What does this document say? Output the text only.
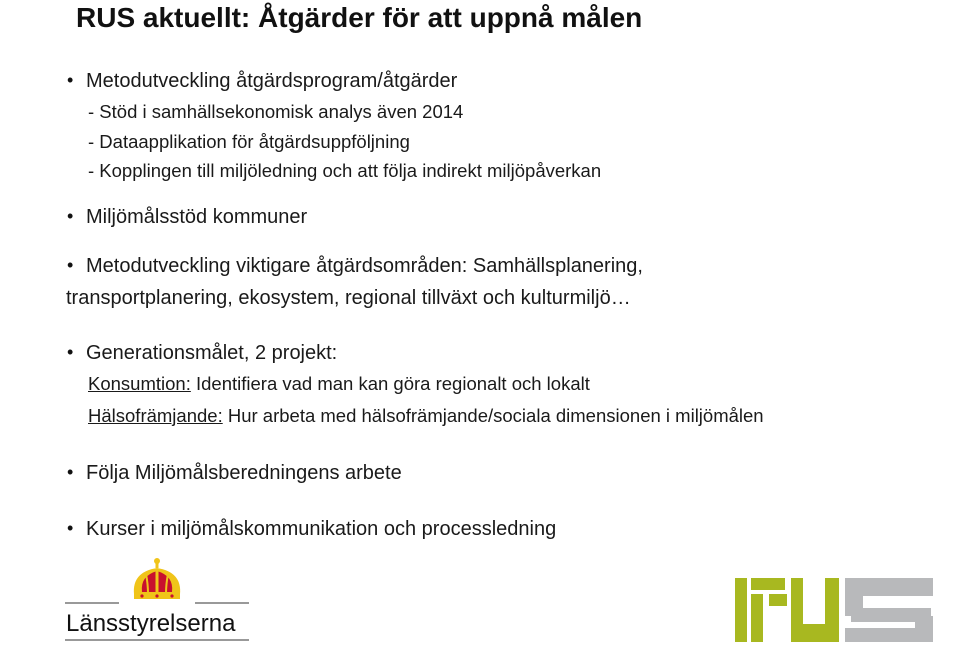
RUS aktuellt: Åtgärder för att uppnå målen
• Metodutveckling åtgärdsprogram/åtgärder
- Stöd i samhällsekonomisk analys även 2014
- Dataapplikation för åtgärdsuppföljning
- Kopplingen till miljöledning och att följa indirekt miljöpåverkan
• Miljömålsstöd kommuner
• Metodutveckling viktigare åtgärdsområden: Samhällsplanering,
transportplanering, ekosystem, regional tillväxt och kulturmiljö…
• Generationsmålet, 2 projekt:
Konsumtion: Identifiera vad man kan göra regionalt och lokalt
Hälsofrämjande: Hur arbeta med hälsofrämjande/sociala dimensionen i miljömålen
• Följa Miljömålsberedningens arbete
• Kurser i miljömålskommunikation och processledning
Länsstyrelserna
rus
